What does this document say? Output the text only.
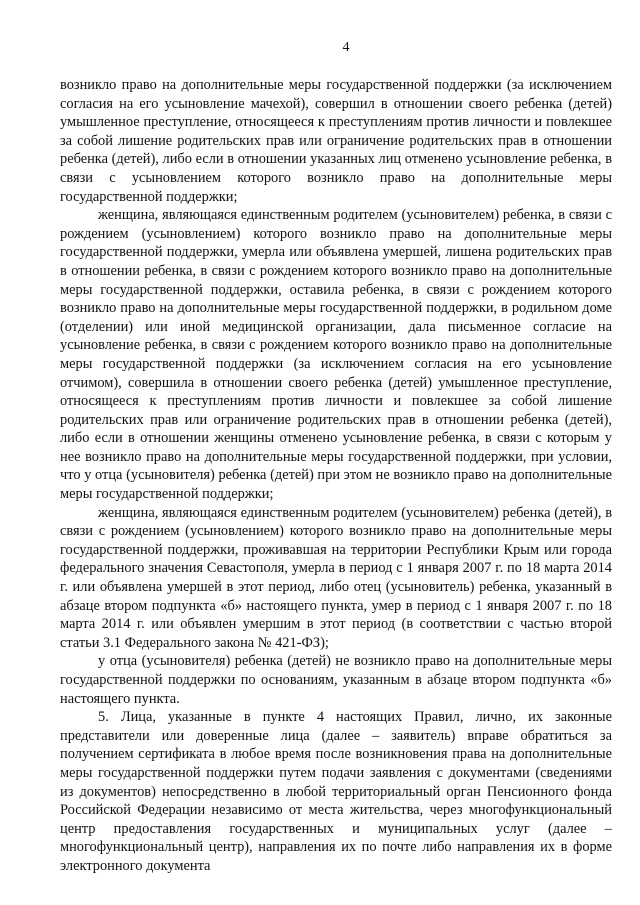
4

возникло право на дополнительные меры государственной поддержки (за исключением согласия на его усыновление мачехой), совершил в отношении своего ребенка (детей) умышленное преступление, относящееся к преступлениям против личности и повлекшее за собой лишение родительских прав или ограничение родительских прав в отношении ребенка (детей), либо если в отношении указанных лиц отменено усыновление ребенка, в связи с усыновлением которого возникло право на дополнительные меры государственной поддержки;

женщина, являющаяся единственным родителем (усыновителем) ребенка, в связи с рождением (усыновлением) которого возникло право на дополнительные меры государственной поддержки, умерла или объявлена умершей, лишена родительских прав в отношении ребенка, в связи с рождением которого возникло право на дополнительные меры государственной поддержки, оставила ребенка, в связи с рождением которого возникло право на дополнительные меры государственной поддержки, в родильном доме (отделении) или иной медицинской организации, дала письменное согласие на усыновление ребенка, в связи с рождением которого возникло право на дополнительные меры государственной поддержки (за исключением согласия на его усыновление отчимом), совершила в отношении своего ребенка (детей) умышленное преступление, относящееся к преступлениям против личности и повлекшее за собой лишение родительских прав или ограничение родительских прав в отношении ребенка (детей), либо если в отношении женщины отменено усыновление ребенка, в связи с которым у нее возникло право на дополнительные меры государственной поддержки, при условии, что у отца (усыновителя) ребенка (детей) при этом не возникло право на дополнительные меры государственной поддержки;

женщина, являющаяся единственным родителем (усыновителем) ребенка (детей), в связи с рождением (усыновлением) которого возникло право на дополнительные меры государственной поддержки, проживавшая на территории Республики Крым или города федерального значения Севастополя, умерла в период с 1 января 2007 г. по 18 марта 2014 г. или объявлена умершей в этот период, либо отец (усыновитель) ребенка, указанный в абзаце втором подпункта «б» настоящего пункта, умер в период с 1 января 2007 г. по 18 марта 2014 г. или объявлен умершим в этот период (в соответствии с частью второй статьи 3.1 Федерального закона № 421-ФЗ);

у отца (усыновителя) ребенка (детей) не возникло право на дополнительные меры государственной поддержки по основаниям, указанным в абзаце втором подпункта «б» настоящего пункта.

5. Лица, указанные в пункте 4 настоящих Правил, лично, их законные представители или доверенные лица (далее – заявитель) вправе обратиться за получением сертификата в любое время после возникновения права на дополнительные меры государственной поддержки путем подачи заявления с документами (сведениями из документов) непосредственно в любой территориальный орган Пенсионного фонда Российской Федерации независимо от места жительства, через многофункциональный центр предоставления государственных и муниципальных услуг (далее – многофункциональный центр), направления их по почте либо направления их в форме электронного документа
